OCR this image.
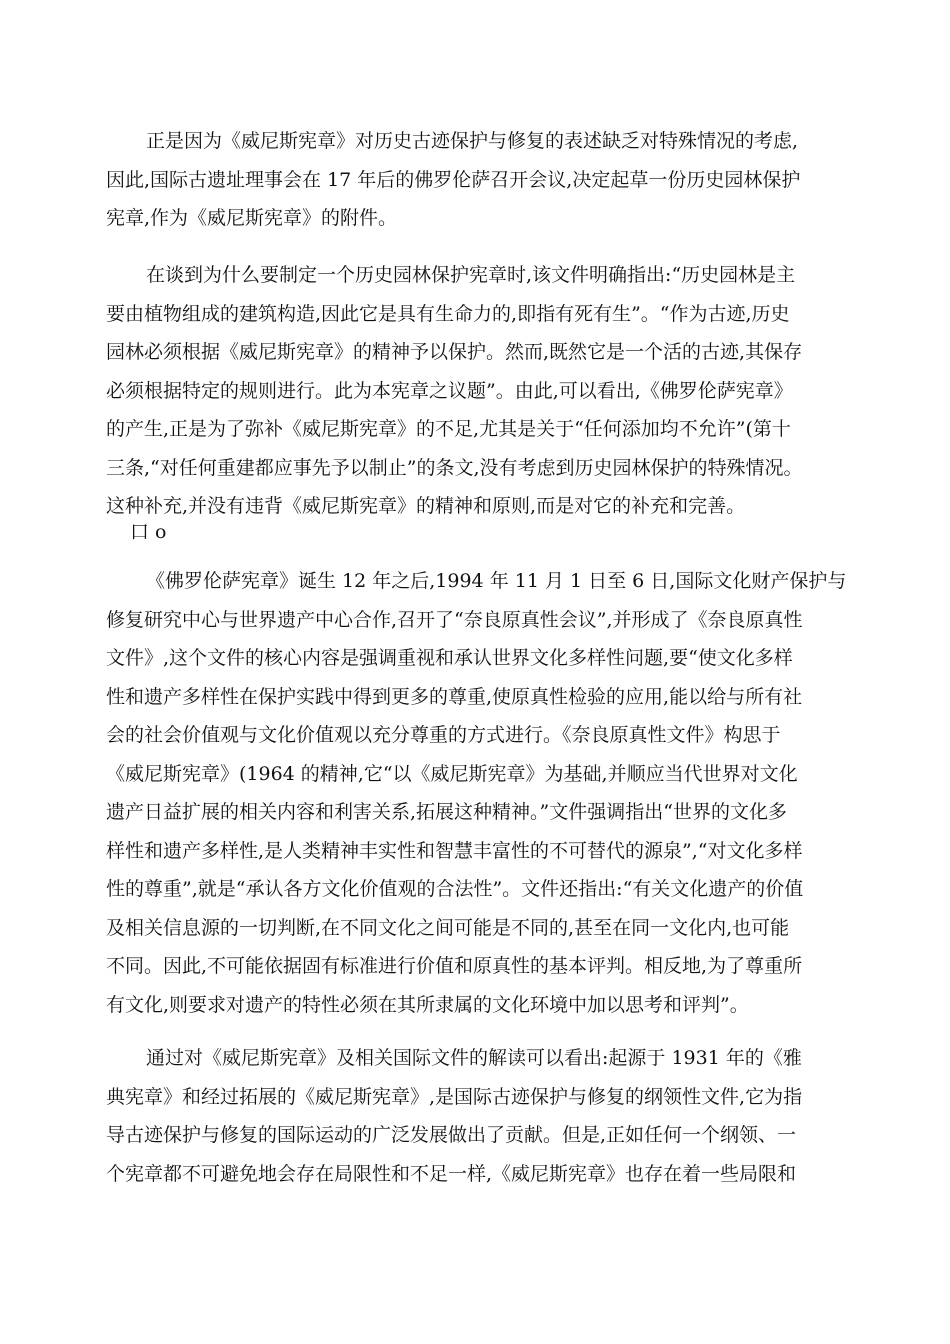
正是因为《威尼斯宪章》对历史古迹保护与修复的表述缺乏对特殊情况的考虑,
因此,国际古遗址理事会在 17 年后的佛罗伦萨召开会议,决定起草一份历史园林保护
宪章,作为《威尼斯宪章》的附件。

在谈到为什么要制定一个历史园林保护宪章时,该文件明确指出:“历史园林是主
要由植物组成的建筑构造,因此它是具有生命力的,即指有死有生”。“作为古迹,历史
园林必须根据《威尼斯宪章》的精神予以保护。然而,既然它是一个活的古迹,其保存
必须根据特定的规则进行。此为本宪章之议题”。由此,可以看出,《佛罗伦萨宪章》
的产生,正是为了弥补《威尼斯宪章》的不足,尤其是关于“任何添加均不允许”(第十
三条,“对任何重建都应事先予以制止”的条文,没有考虑到历史园林保护的特殊情况。
这种补充,并没有违背《威尼斯宪章》的精神和原则,而是对它的补充和完善。

口 o

《佛罗伦萨宪章》诞生 12 年之后,1994 年 11 月 1 日至 6 日,国际文化财产保护与
修复研究中心与世界遗产中心合作,召开了“奈良原真性会议”,并形成了《奈良原真性
文件》,这个文件的核心内容是强调重视和承认世界文化多样性问题,要“使文化多样
性和遗产多样性在保护实践中得到更多的尊重,使原真性检验的应用,能以给与所有社
会的社会价值观与文化价值观以充分尊重的方式进行。《奈良原真性文件》构思于
《威尼斯宪章》(1964 的精神,它“以《威尼斯宪章》为基础,并顺应当代世界对文化
遗产日益扩展的相关内容和利害关系,拓展这种精神。”文件强调指出“世界的文化多
样性和遗产多样性,是人类精神丰实性和智慧丰富性的不可替代的源泉”,“对文化多样
性的尊重”,就是“承认各方文化价值观的合法性”。文件还指出:“有关文化遗产的价值
及相关信息源的一切判断,在不同文化之间可能是不同的,甚至在同一文化内,也可能
不同。因此,不可能依据固有标准进行价值和原真性的基本评判。相反地,为了尊重所
有文化,则要求对遗产的特性必须在其所隶属的文化环境中加以思考和评判”。

通过对《威尼斯宪章》及相关国际文件的解读可以看出:起源于 1931 年的《雅
典宪章》和经过拓展的《威尼斯宪章》,是国际古迹保护与修复的纲领性文件,它为指
导古迹保护与修复的国际运动的广泛发展做出了贡献。但是,正如任何一个纲领、一
个宪章都不可避免地会存在局限性和不足一样,《威尼斯宪章》也存在着一些局限和
